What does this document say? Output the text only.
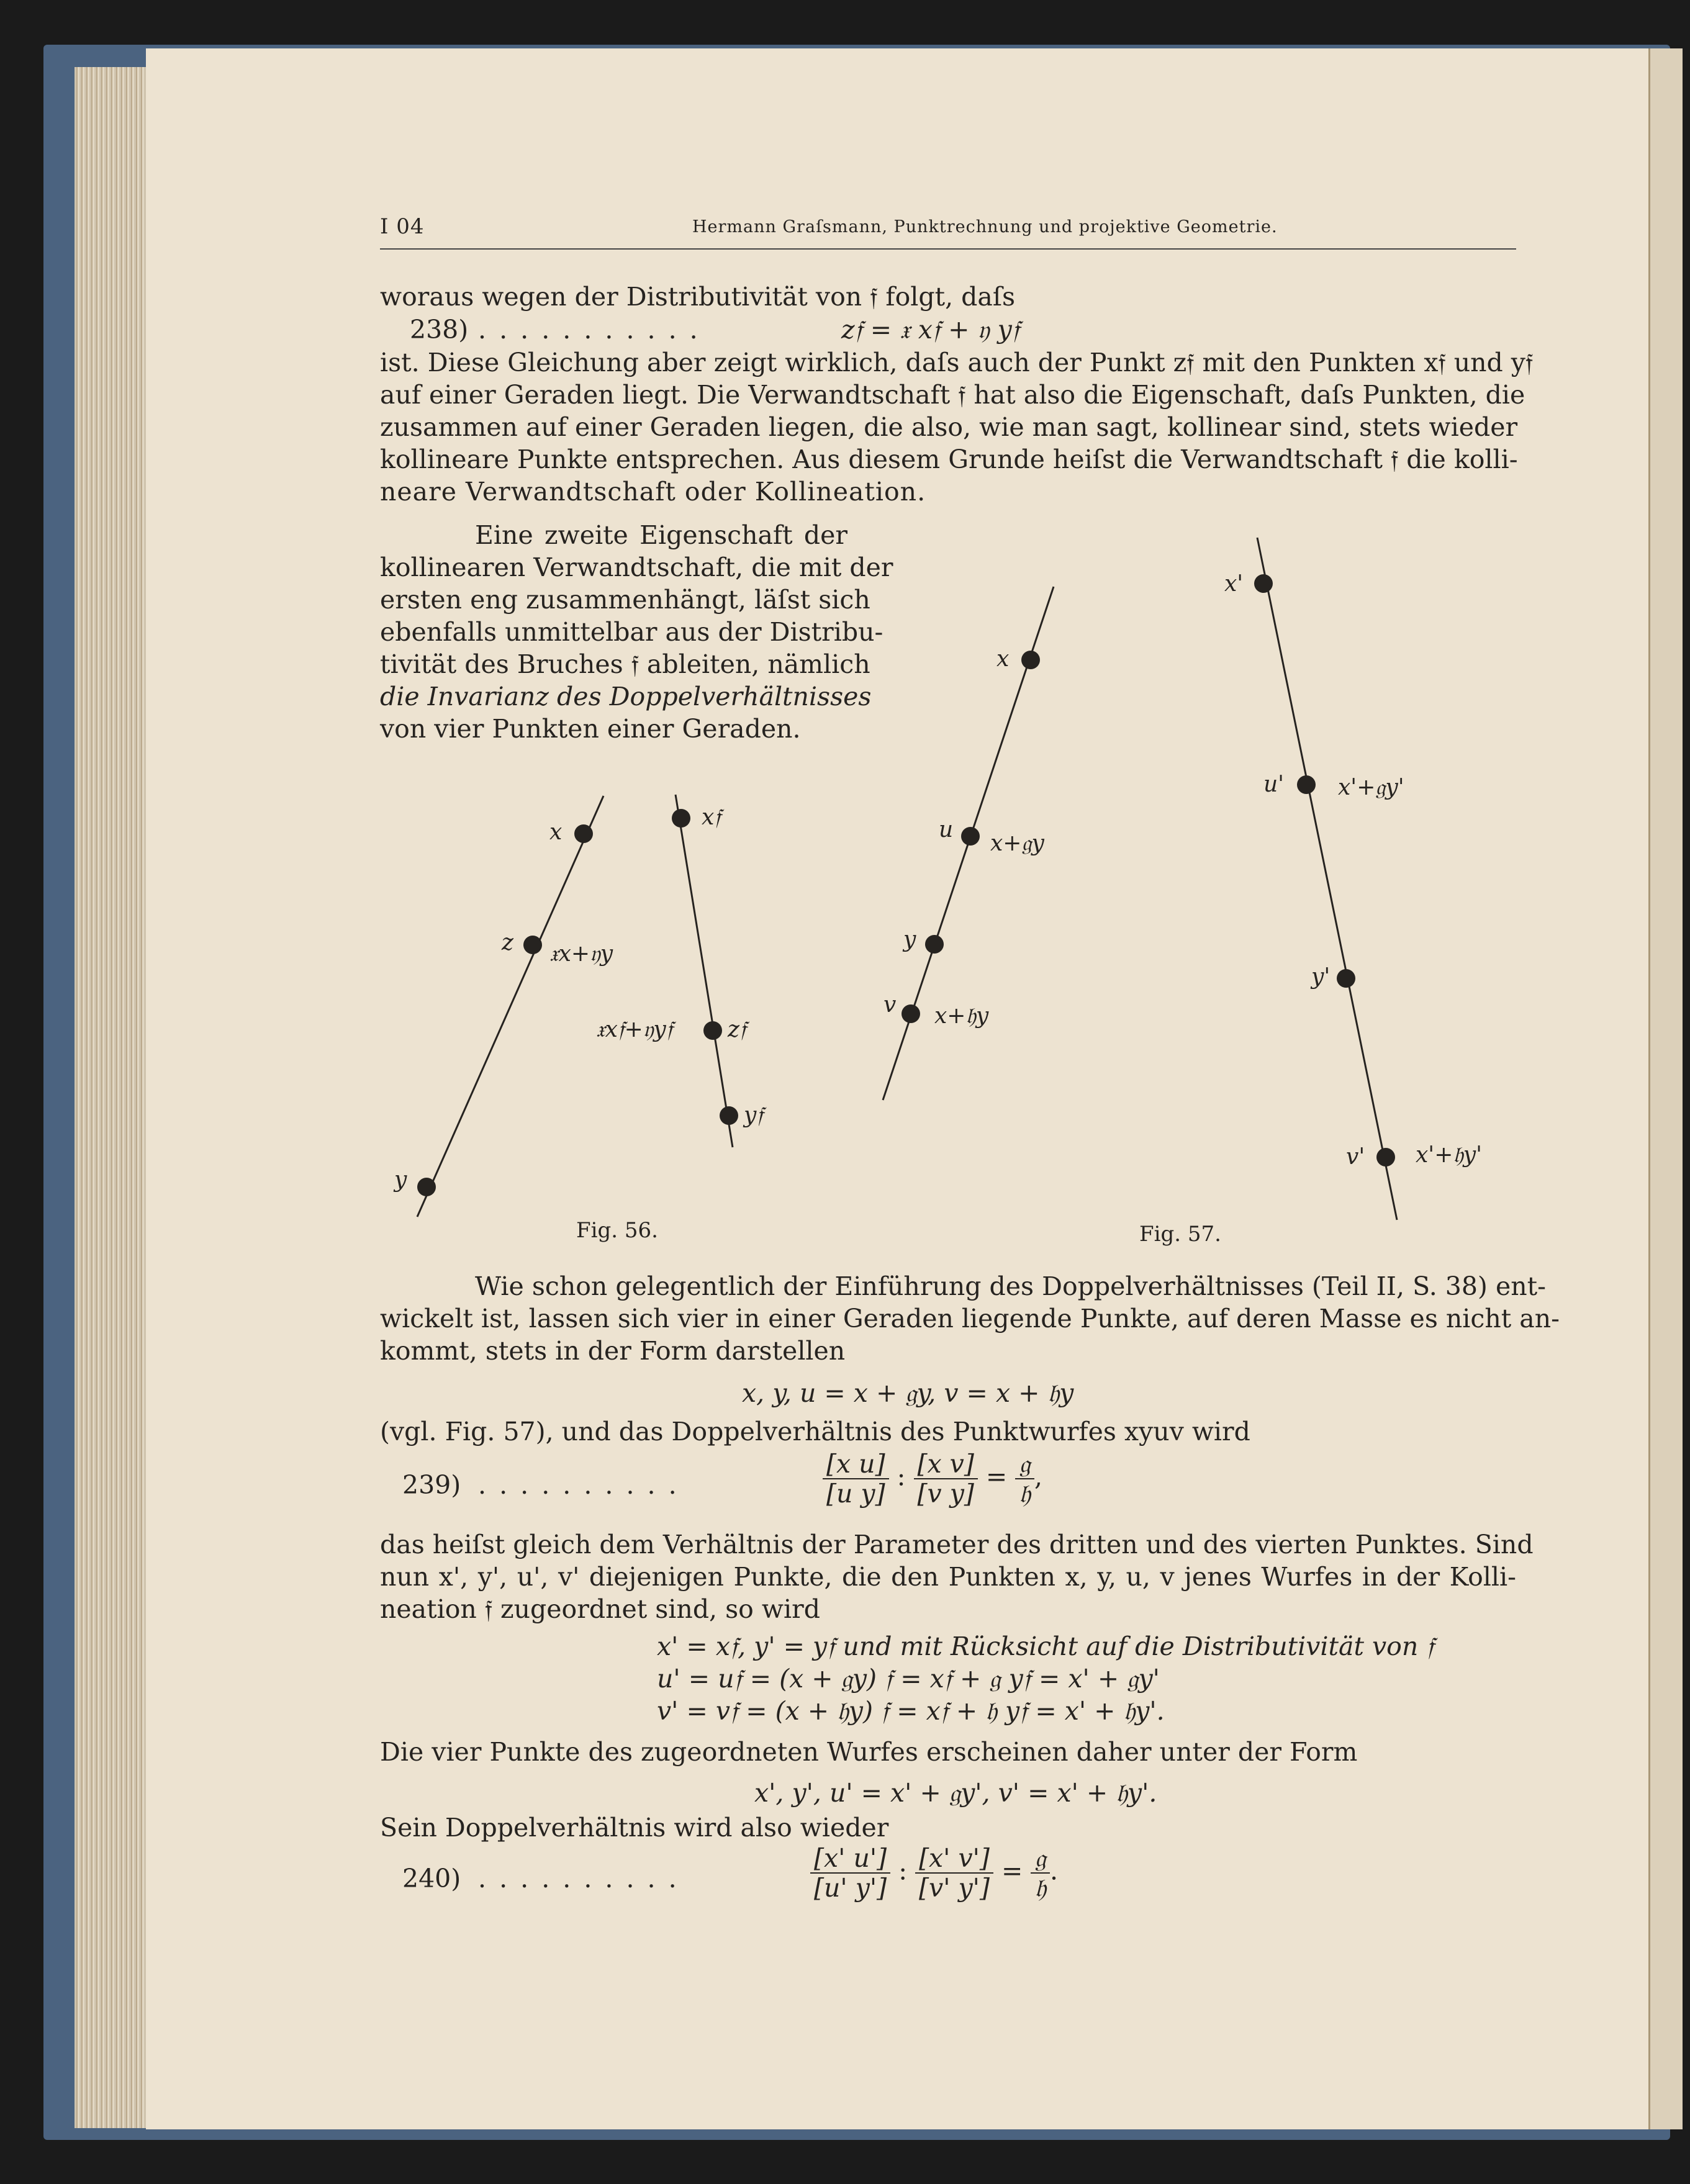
I 04	Hermann Graſsmann, Punktrechnung und projektive Geometrie.
woraus wegen der Distributivität von 𝔣 folgt, daſs
238) . . . . . . . . . . .	z𝔣 = 𝔵 x𝔣 + 𝔶 y𝔣
ist. Diese Gleichung aber zeigt wirklich, daſs auch der Punkt z𝔣 mit den Punkten x𝔣 und y𝔣
auf einer Geraden liegt. Die Verwandtschaft 𝔣 hat also die Eigenschaft, daſs Punkten, die
zusammen auf einer Geraden liegen, die also, wie man sagt, kollinear sind, stets wieder
kollineare Punkte entsprechen. Aus diesem Grunde heiſst die Verwandtschaft 𝔣 die kolli-
neare Verwandtschaft oder Kollineation.
Eine zweite Eigenschaft der
kollinearen Verwandtschaft, die mit der
ersten eng zusammenhängt, läſst sich
ebenfalls unmittelbar aus der Distribu-
tivität des Bruches 𝔣 ableiten, nämlich
die Invarianz des Doppelverhältnisses
von vier Punkten einer Geraden.
x
z 𝔵x+𝔶y
y
x𝔣
𝔵x𝔣+𝔶y𝔣 z𝔣
y𝔣
x
u
x+𝔤y
y
v x+𝔥y
x'
u' x'+𝔤y'
y'
v' x'+𝔥y'
Fig. 56.	Fig. 57.
Wie schon gelegentlich der Einführung des Doppelverhältnisses (Teil II, S. 38) ent-
wickelt ist, lassen sich vier in einer Geraden liegende Punkte, auf deren Masse es nicht an-
kommt, stets in der Form darstellen
x, y, u = x + 𝔤y, v = x + 𝔥y
(vgl. Fig. 57), und das Doppelverhältnis des Punktwurfes xyuv wird
239) . . . . . . . . . .	$\frac{\text{[x u]}}{\text{[u y]}}$ : $\frac{\text{[x v]}}{\text{[v y]}} = \frac{\text{𝔤}}{\text{𝔥}}$ ,
das heiſst gleich dem Verhältnis der Parameter des dritten und des vierten Punktes. Sind
nun x', y', u', v' diejenigen Punkte, die den Punkten x, y, u, v jenes Wurfes in der Kolli-
neation 𝔣 zugeordnet sind, so wird
x' = x𝔣, y' = y𝔣 und mit Rücksicht auf die Distributivität von 𝔣
u' = u𝔣 = (x + 𝔤y) 𝔣 = x𝔣 + 𝔤 y𝔣 = x' + 𝔤y'
v' = v𝔣 = (x + 𝔥y) 𝔣 = x𝔣 + 𝔥 y𝔣 = x' + 𝔥y'.
Die vier Punkte des zugeordneten Wurfes erscheinen daher unter der Form
x', y', u' = x' + 𝔤y', v' = x' + 𝔥y'.
Sein Doppelverhältnis wird also wieder
240) . . . . . . . . . .	$\frac{[x' u']}{[u' y']}$ : $\frac{[x' v']}{[v' y']} = \frac{\text{𝔤}}{\text{𝔥}}$ .
